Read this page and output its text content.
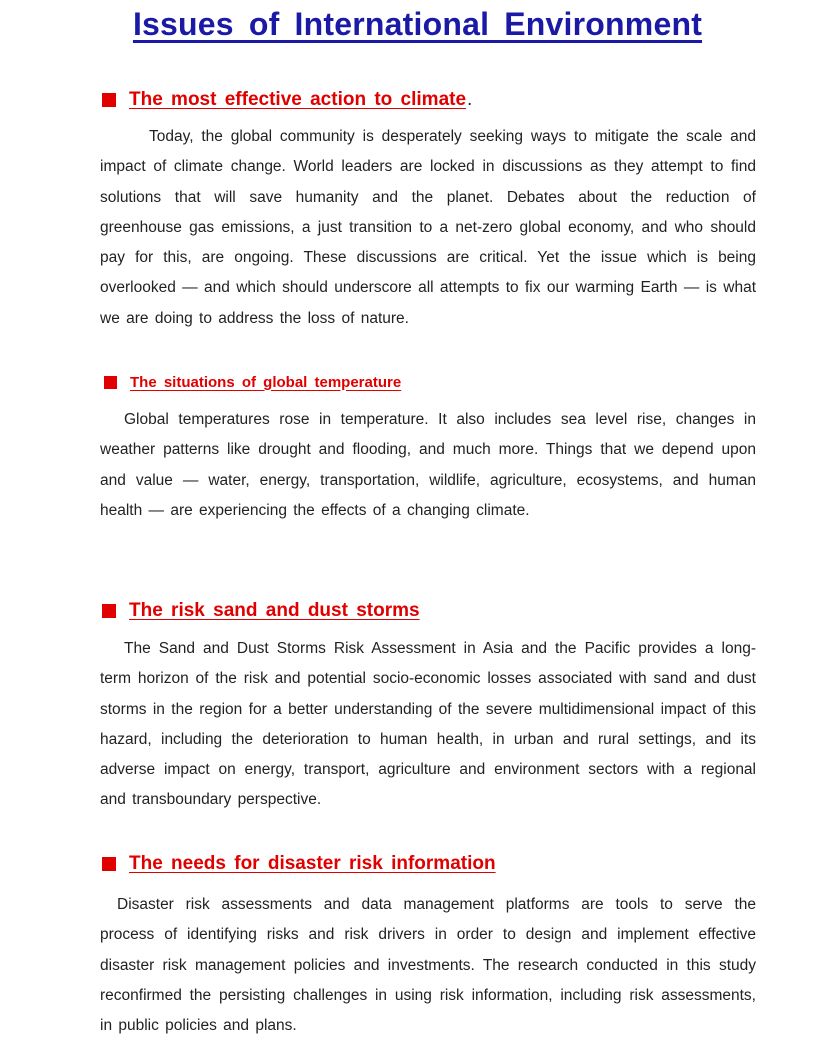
Issues of International Environment
The most effective action to climate .

Today, the global community is desperately seeking ways to mitigate the scale and impact of climate change. World leaders are locked in discussions as they attempt to find solutions that will save humanity and the planet. Debates about the reduction of greenhouse gas emissions, a just transition to a net-zero global economy, and who should pay for this, are ongoing. These discussions are critical. Yet the issue which is being overlooked — and which should underscore all attempts to fix our warming Earth — is what we are doing to address the loss of nature.

The situations of global temperature

Global temperatures rose in temperature. It also includes sea level rise, changes in weather patterns like drought and flooding, and much more. Things that we depend upon and value — water, energy, transportation, wildlife, agriculture, ecosystems, and human health — are experiencing the effects of a changing climate.

The risk sand and dust storms

The Sand and Dust Storms Risk Assessment in Asia and the Pacific provides a long-term horizon of the risk and potential socio-economic losses associated with sand and dust storms in the region for a better understanding of the severe multidimensional impact of this hazard, including the deterioration to human health, in urban and rural settings, and its adverse impact on energy, transport, agriculture and environment sectors with a regional and transboundary perspective.

The needs for disaster risk information

Disaster risk assessments and data management platforms are tools to serve the process of identifying risks and risk drivers in order to design and implement effective disaster risk management policies and investments. The research conducted in this study reconfirmed the persisting challenges in using risk information, including risk assessments, in public policies and plans.
